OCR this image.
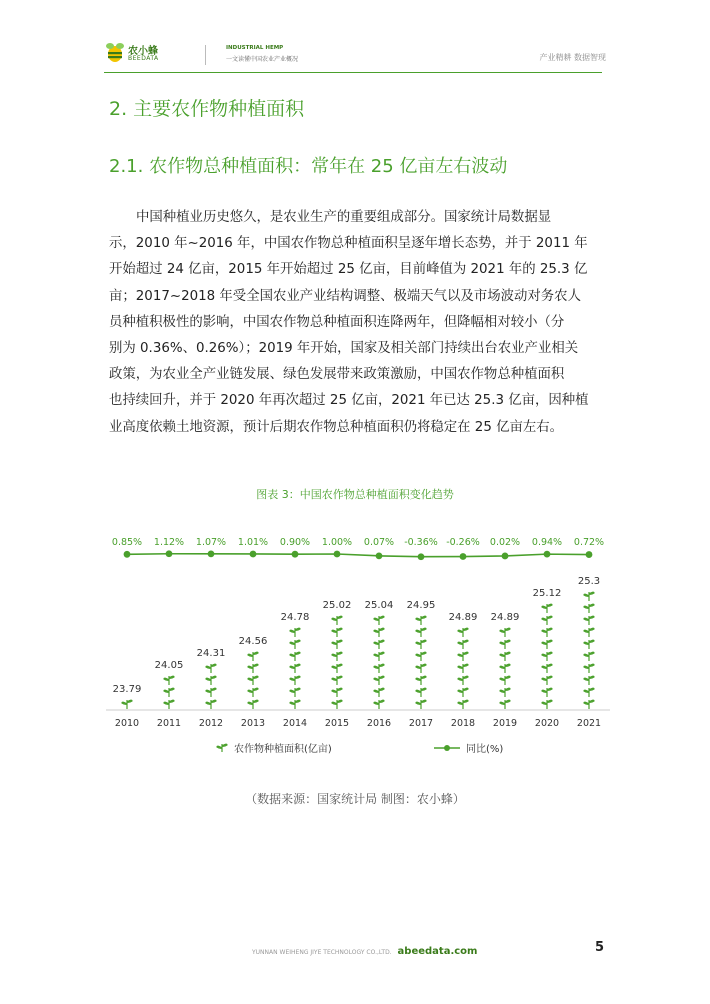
农小蜂
BEEDATA
INDUSTRIAL HEMP
一文读懂中国农业产业概况	产业精耕 数据智现
2. 主要农作物种植面积
2.1. 农作物总种植面积：常年在 25 亿亩左右波动
中国种植业历史悠久，是农业生产的重要组成部分。国家统计局数据显
示，2010 年~2016 年，中国农作物总种植面积呈逐年增长态势，并于 2011 年
开始超过 24 亿亩，2015 年开始超过 25 亿亩，目前峰值为 2021 年的 25.3 亿
亩；2017~2018 年受全国农业产业结构调整、极端天气以及市场波动对务农人
员种植积极性的影响，中国农作物总种植面积连降两年，但降幅相对较小（分
别为 0.36%、0.26%）；2019 年开始，国家及相关部门持续出台农业产业相关
政策，为农业全产业链发展、绿色发展带来政策激励，中国农作物总种植面积
也持续回升，并于 2020 年再次超过 25 亿亩，2021 年已达 25.3 亿亩，因种植
业高度依赖土地资源，预计后期农作物总种植面积仍将稳定在 25 亿亩左右。
图表 3：中国农作物总种植面积变化趋势
23.79
24.05
24.31
24.56
24.78
25.02 25.04 24.95
24.89 24.89
25.12
25.3
0.85% 1.12% 1.07% 1.01% 0.90% 1.00% 0.07% -0.36% -0.26% 0.02% 0.94% 0.72%
2010 2011 2012 2013 2014 2015 2016 2017 2018 2019 2020 2021
农作物种植面积(亿亩)	同比(%)
（数据来源：国家统计局 制图：农小蜂）
YUNNAN WEIHENG JIYE TECHNOLOGY CO.,LTD. abeedata.com	5
